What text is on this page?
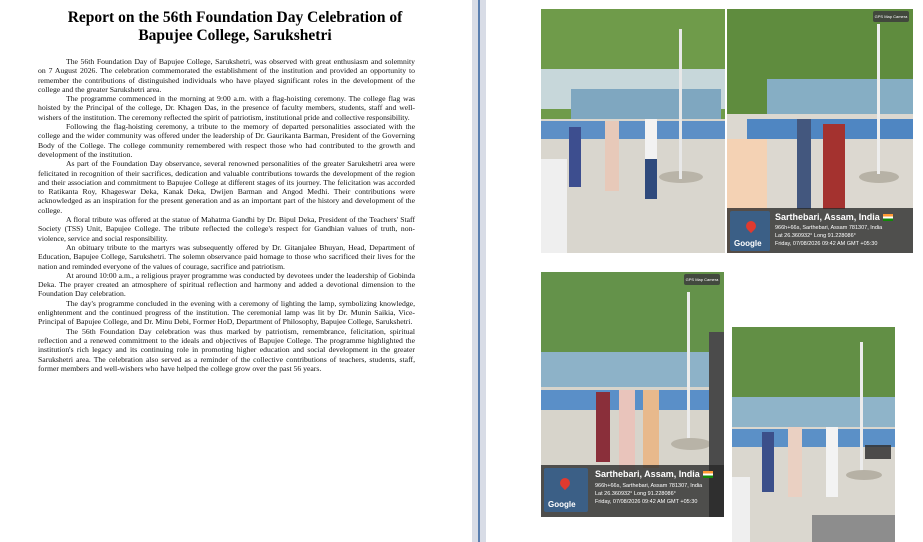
Report on the 56th Foundation Day Celebration of
Bapujee College, Sarukshetri

The 56th Foundation Day of Bapujee College, Sarukshetri, was observed with great enthusiasm and solemnity on 7 August 2026. The celebration commemorated the establishment of the institution and provided an opportunity to remember the contributions of distinguished individuals who have played significant roles in the development of the college and the greater Sarukshetri area.

The programme commenced in the morning at 9:00 a.m. with a flag-hoisting ceremony. The college flag was hoisted by the Principal of the college, Dr. Khagen Das, in the presence of faculty members, students, staff and well-wishers of the institution. The ceremony reflected the spirit of patriotism, institutional pride and collective responsibility.

Following the flag-hoisting ceremony, a tribute to the memory of departed personalities associated with the college and the wider community was offered under the leadership of Dr. Gaurikanta Barman, President of the Governing Body of the College. The college community remembered with respect those who had contributed to the growth and development of the institution.

As part of the Foundation Day observance, several renowned personalities of the greater Sarukshetri area were felicitated in recognition of their sacrifices, dedication and valuable contributions towards the development of the region and their association and commitment to Bapujee College at different stages of its journey. The felicitation was accorded to Ratikanta Roy, Khageswar Deka, Kanak Deka, Dwijen Barman and Angod Medhi. Their contributions were acknowledged as an inspiration for the present generation and as an important part of the history and development of the college.

A floral tribute was offered at the statue of Mahatma Gandhi by Dr. Bipul Deka, President of the Teachers' Staff Society (TSS) Unit, Bapujee College. The tribute reflected the college's respect for Gandhian values of truth, non-violence, service and social responsibility.

An obituary tribute to the martyrs was subsequently offered by Dr. Gitanjalee Bhuyan, Head, Department of Education, Bapujee College, Sarukshetri. The solemn observance paid homage to those who sacrificed their lives for the nation and reminded everyone of the values of courage, sacrifice and patriotism.

At around 10:00 a.m., a religious prayer programme was conducted by devotees under the leadership of Gobinda Deka. The prayer created an atmosphere of spiritual reflection and harmony and added a devotional dimension to the Foundation Day celebration.

The day's programme concluded in the evening with a ceremony of lighting the lamp, symbolizing knowledge, enlightenment and the continued progress of the institution. The ceremonial lamp was lit by Dr. Munin Saikia, Vice-Principal of Bapujee College, and Dr. Minu Debi, Former HoD, Department of Philosophy, Bapujee College, Sarukshetri.

The 56th Foundation Day celebration was thus marked by patriotism, remembrance, felicitation, spiritual reflection and a renewed commitment to the ideals and objectives of Bapujee College. The programme highlighted the institution's rich legacy and its continuing role in promoting higher education and social development in the greater Sarukshetri area. The celebration also served as a reminder of the collective contributions of teachers, students, staff, former members and well-wishers who have helped the college grow over the past 56 years.

GPS Map Camera
Google
Sarthebari, Assam, India
966h+66s, Sarthebari, Assam 781307, India
Lat 26.360932° Long 91.228086°
Friday, 07/08/2026 09:42 AM GMT +05:30
GPS Map Camera
Google
Sarthebari, Assam, India
966h+66s, Sarthebari, Assam 781307, India
Lat 26.360932° Long 91.228086°
Friday, 07/08/2026 09:42 AM GMT +05:30
